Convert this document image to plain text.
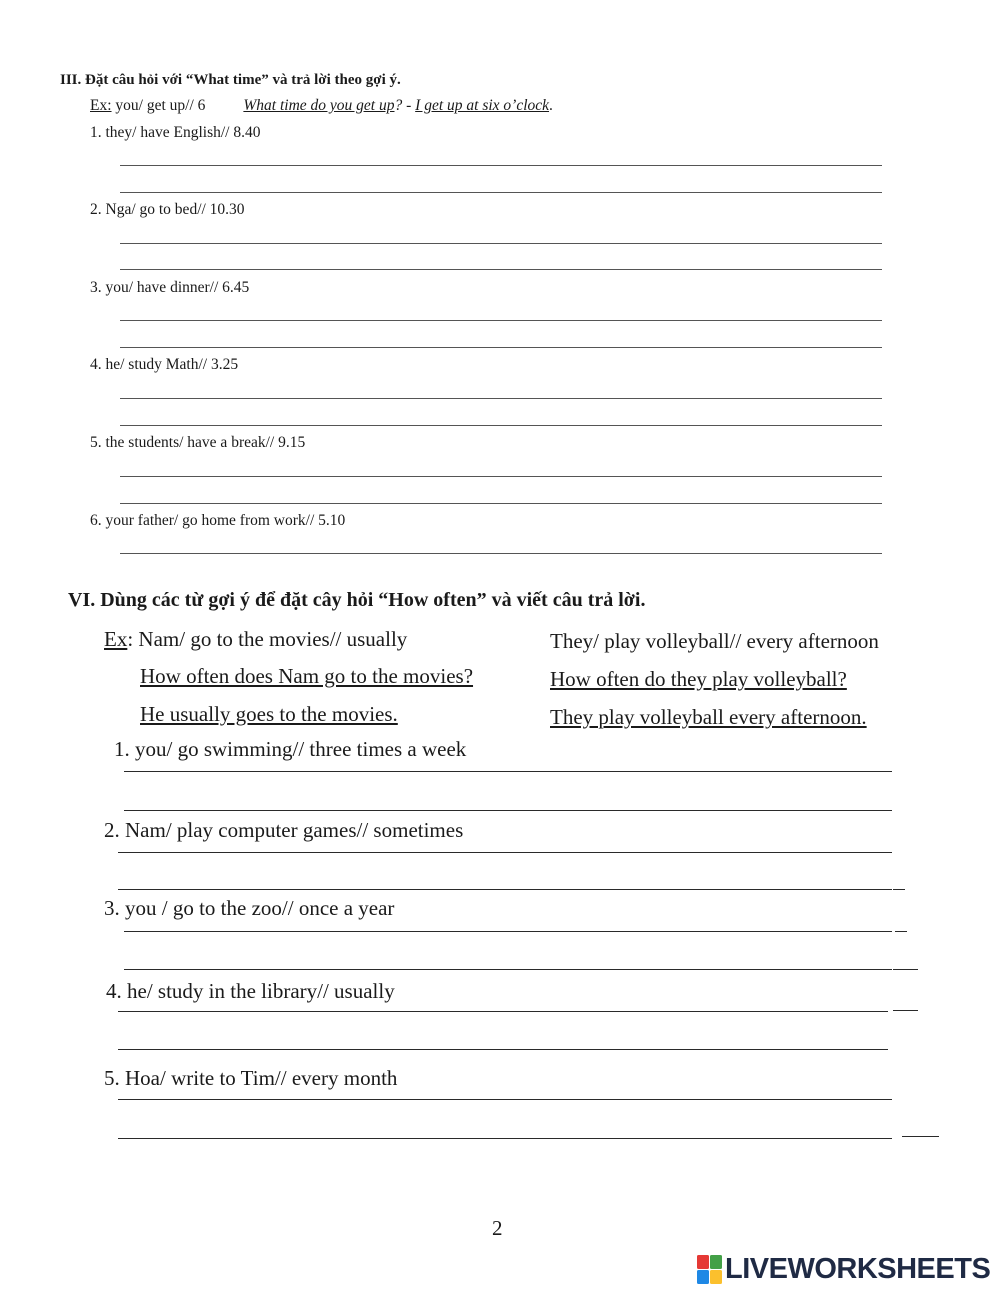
III. Đặt câu hỏi với “What time” và trả lời theo gợi ý.
Ex: you/ get up// 6 What time do you get up? - I get up at six o’clock.
1. they/ have English// 8.40
2. Nga/ go to bed// 10.30
3. you/ have dinner// 6.45
4. he/ study Math// 3.25
5. the students/ have a break// 9.15
6. your father/ go home from work// 5.10
VI. Dùng các từ gợi ý để đặt cây hỏi “How often” và viết câu trả lời.
Ex: Nam/ go to the movies// usually
How often does Nam go to the movies?
He usually goes to the movies.
They/ play volleyball// every afternoon
How often do they play volleyball?
They play volleyball every afternoon.
1. you/ go swimming// three times a week
2. Nam/ play computer games// sometimes
3. you / go to the zoo// once a year
4. he/ study in the library// usually
5. Hoa/ write to Tim// every month
2
LIVEWORKSHEETS
